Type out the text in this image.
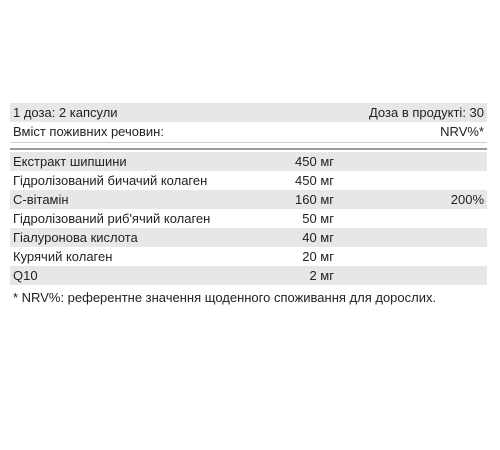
1 доза: 2 капсули	Доза в продукті: 30
Вміст поживних речовин:	NRV%*
Екстракт шипшини	450 мг
Гідролізований бичачий колаген	450 мг
С-вітамін	160 мг	200%
Гідролізований риб'ячий колаген	50 мг
Гіалуронова кислота	40 мг
Курячий колаген	20 мг
Q10	2 мг
* NRV%: референтне значення щоденного споживання для дорослих.
